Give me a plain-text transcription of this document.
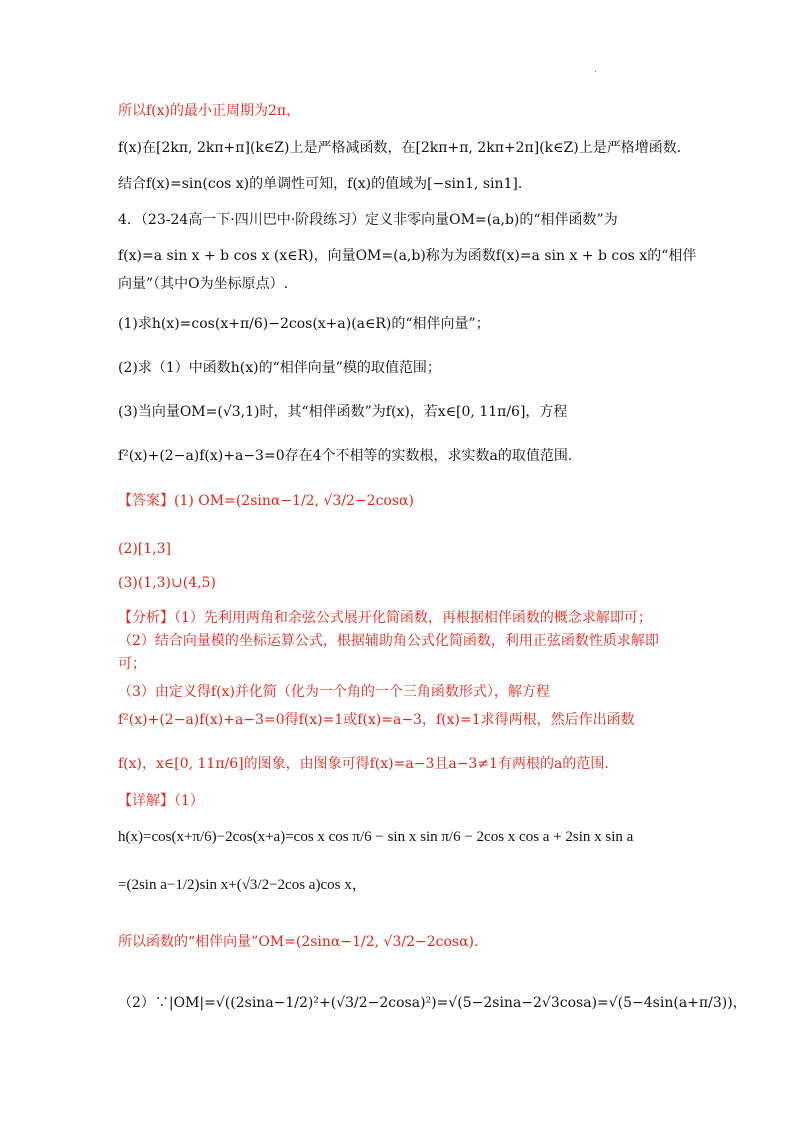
.
所以f(x)的最小正周期为2π，
f(x)在[2kπ, 2kπ+π](k∈Z)上是严格减函数，在[2kπ+π, 2kπ+2π](k∈Z)上是严格增函数.
结合f(x)=sin(cos x)的单调性可知，f(x)的值域为[−sin1, sin1].
4．（23-24高一下·四川巴中·阶段练习）定义非零向量OM=(a,b)的“相伴函数”为
f(x)=a sin x + b cos x (x∈R)，向量OM=(a,b)称为为函数f(x)=a sin x + b cos x的“相伴
向量”（其中O为坐标原点）.
(1)求h(x)=cos(x+π/6)−2cos(x+a)(a∈R)的“相伴向量”；
(2)求（1）中函数h(x)的“相伴向量”模的取值范围；
(3)当向量OM=(√3,1)时，其“相伴函数”为f(x)，若x∈[0, 11π/6]，方程
f²(x)+(2−a)f(x)+a−3=0存在4个不相等的实数根，求实数a的取值范围.
【答案】(1) OM=(2sinα−1/2, √3/2−2cosα)
(2)[1,3]
(3)(1,3)∪(4,5)
【分析】（1）先利用两角和余弦公式展开化简函数，再根据相伴函数的概念求解即可；
（2）结合向量模的坐标运算公式，根据辅助角公式化简函数，利用正弦函数性质求解即
可；
（3）由定义得f(x)并化简（化为一个角的一个三角函数形式），解方程
f²(x)+(2−a)f(x)+a−3=0得f(x)=1或f(x)=a−3，f(x)=1求得两根，然后作出函数
f(x)，x∈[0, 11π/6]的图象，由图象可得f(x)=a−3且a−3≠1有两根的a的范围.
【详解】（1）
h(x)=cos(x+π/6)−2cos(x+a)=cos x cos π/6 − sin x sin π/6 − 2cos x cos a + 2sin x sin a
=(2sin a−1/2)sin x+(√3/2−2cos a)cos x，
所以函数的“相伴向量”OM=(2sinα−1/2, √3/2−2cosα).
（2）∵|OM|=√((2sina−1/2)²+(√3/2−2cosa)²)=√(5−2sina−2√3cosa)=√(5−4sin(a+π/3))，
